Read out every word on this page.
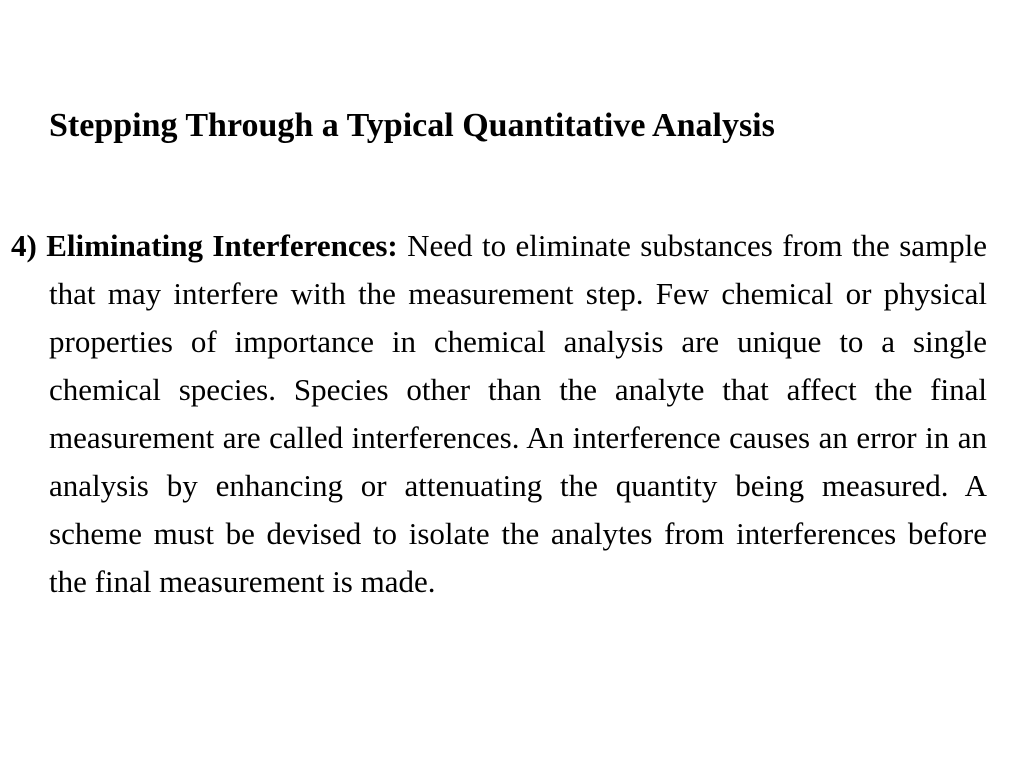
Stepping Through a Typical Quantitative Analysis

4) Eliminating Interferences: Need to eliminate substances from the sample that may interfere with the measurement step. Few chemical or physical properties of importance in chemical analysis are unique to a single chemical species. Species other than the analyte that affect the final measurement are called interferences. An interference causes an error in an analysis by enhancing or attenuating the quantity being measured. A scheme must be devised to isolate the analytes from interferences before the final measurement is made.
